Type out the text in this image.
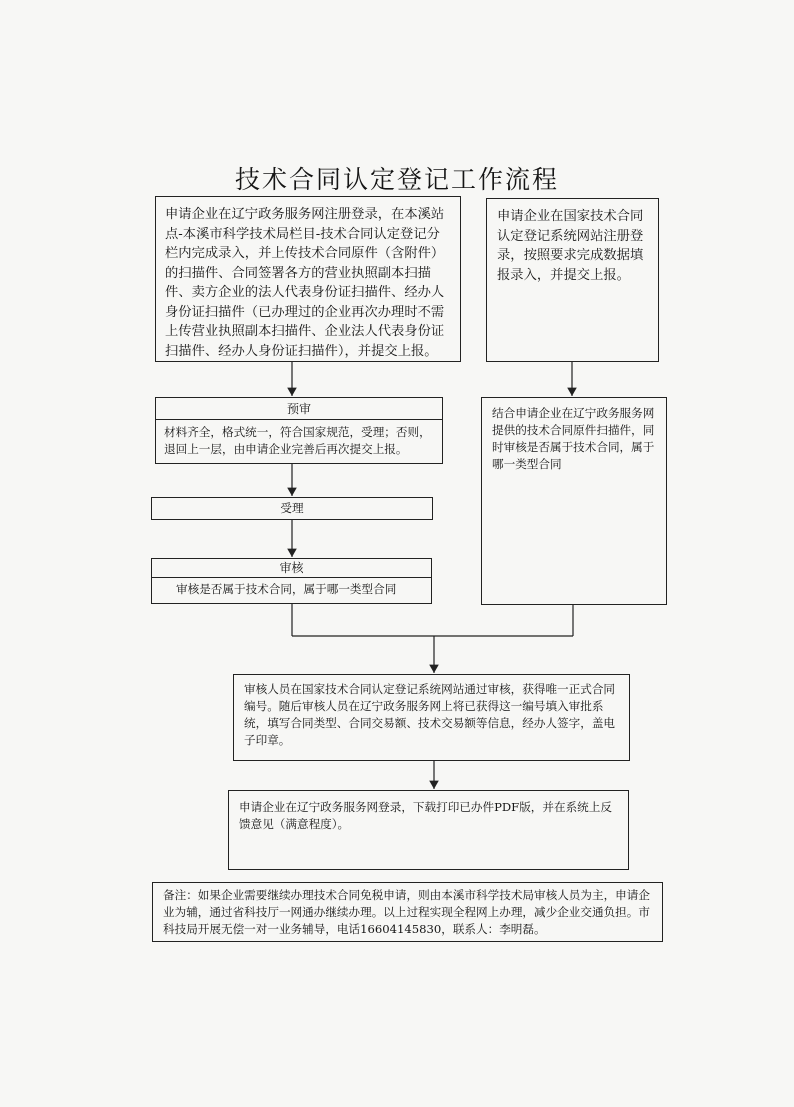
技术合同认定登记工作流程
申请企业在辽宁政务服务网注册登录，在本溪站点-本溪市科学技术局栏目-技术合同认定登记分栏内完成录入，并上传技术合同原件（含附件）的扫描件、合同签署各方的营业执照副本扫描件、卖方企业的法人代表身份证扫描件、经办人身份证扫描件（已办理过的企业再次办理时不需上传营业执照副本扫描件、企业法人代表身份证扫描件、经办人身份证扫描件），并提交上报。
申请企业在国家技术合同认定登记系统网站注册登录，按照要求完成数据填报录入，并提交上报。
预审
材料齐全，格式统一，符合国家规范，受理；否则，退回上一层，由申请企业完善后再次提交上报。
结合申请企业在辽宁政务服务网提供的技术合同原件扫描件，同时审核是否属于技术合同，属于哪一类型合同
受理
审核
审核是否属于技术合同，属于哪一类型合同
审核人员在国家技术合同认定登记系统网站通过审核，获得唯一正式合同编号。随后审核人员在辽宁政务服务网上将已获得这一编号填入审批系统，填写合同类型、合同交易额、技术交易额等信息，经办人签字，盖电子印章。
申请企业在辽宁政务服务网登录，下载打印已办件PDF版，并在系统上反馈意见（满意程度）。
备注：如果企业需要继续办理技术合同免税申请，则由本溪市科学技术局审核人员为主，申请企业为辅，通过省科技厅一网通办继续办理。以上过程实现全程网上办理，减少企业交通负担。市科技局开展无偿一对一业务辅导，电话16604145830，联系人：李明磊。
